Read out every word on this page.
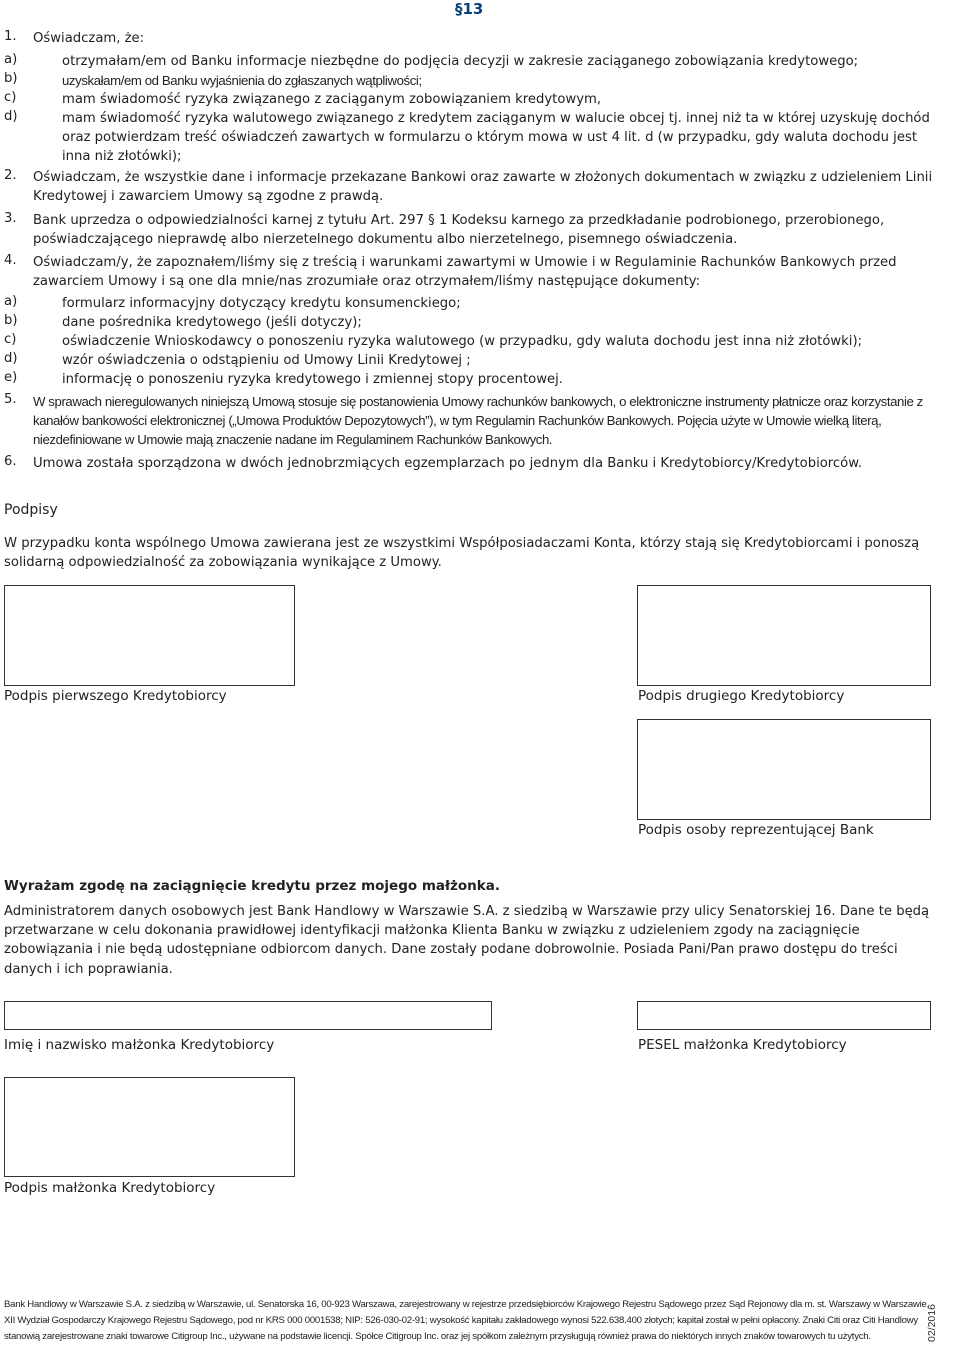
§13
1. Oświadczam, że:
a)	otrzymałam/em od Banku informacje niezbędne do podjęcia decyzji w zakresie zaciąganego zobowiązania kredytowego;
b)	uzyskałam/em od Banku wyjaśnienia do zgłaszanych wątpliwości;
c)	mam świadomość ryzyka związanego z zaciąganym zobowiązaniem kredytowym,
d)	mam świadomość ryzyka walutowego związanego z kredytem zaciąganym w walucie obcej tj. innej niż ta w której uzyskuję dochód oraz potwierdzam treść oświadczeń zawartych w formularzu o którym mowa w ust 4 lit. d (w przypadku, gdy waluta dochodu jest inna niż złotówki);
2. Oświadczam, że wszystkie dane i informacje przekazane Bankowi oraz zawarte w złożonych dokumentach w związku z udzieleniem Linii Kredytowej i zawarciem Umowy są zgodne z prawdą.
3. Bank uprzedza o odpowiedzialności karnej z tytułu Art. 297 § 1 Kodeksu karnego za przedkładanie podrobionego, przerobionego, poświadczającego nieprawdę albo nierzetelnego dokumentu albo nierzetelnego, pisemnego oświadczenia.
4. Oświadczam/y, że zapoznałem/liśmy się z treścią i warunkami zawartymi w Umowie i w Regulaminie Rachunków Bankowych przed zawarciem Umowy i są one dla mnie/nas zrozumiałe oraz otrzymałem/liśmy następujące dokumenty:
a)	formularz informacyjny dotyczący kredytu konsumenckiego;
b)	dane pośrednika kredytowego (jeśli dotyczy);
c)	oświadczenie Wnioskodawcy o ponoszeniu ryzyka walutowego (w przypadku, gdy waluta dochodu jest inna niż złotówki);
d)	wzór oświadczenia o odstąpieniu od Umowy Linii Kredytowej ;
e)	informację o ponoszeniu ryzyka kredytowego i zmiennej stopy procentowej.
5. W sprawach nieregulowanych niniejszą Umową stosuje się postanowienia Umowy rachunków bankowych, o elektroniczne instrumenty płatnicze oraz korzystanie z kanałów bankowości elektronicznej („Umowa Produktów Depozytowych”), w tym Regulamin Rachunków Bankowych. Pojęcia użyte w Umowie wielką literą, niezdefiniowane w Umowie mają znaczenie nadane im Regulaminem Rachunków Bankowych.
6. Umowa została sporządzona w dwóch jednobrzmiących egzemplarzach po jednym dla Banku i Kredytobiorcy/Kredytobiorców.
Podpisy
W przypadku konta wspólnego Umowa zawierana jest ze wszystkimi Współposiadaczami Konta, którzy stają się Kredytobiorcami i ponoszą solidarną odpowiedzialność za zobowiązania wynikające z Umowy.
Podpis pierwszego Kredytobiorcy	Podpis drugiego Kredytobiorcy
Podpis osoby reprezentującej Bank
Wyrażam zgodę na zaciągnięcie kredytu przez mojego małżonka.
Administratorem danych osobowych jest Bank Handlowy w Warszawie S.A. z siedzibą w Warszawie przy ulicy Senatorskiej 16. Dane te będą przetwarzane w celu dokonania prawidłowej identyfikacji małżonka Klienta Banku w związku z udzieleniem zgody na zaciągnięcie zobowiązania i nie będą udostępniane odbiorcom danych. Dane zostały podane dobrowolnie. Posiada Pani/Pan prawo dostępu do treści danych i ich poprawiania.
Imię i nazwisko małżonka Kredytobiorcy	PESEL małżonka Kredytobiorcy
Podpis małżonka Kredytobiorcy
Bank Handlowy w Warszawie S.A. z siedzibą w Warszawie, ul. Senatorska 16, 00-923 Warszawa, zarejestrowany w rejestrze przedsiębiorców Krajowego Rejestru Sądowego przez Sąd Rejonowy dla m. st. Warszawy w Warszawie,
XII Wydział Gospodarczy Krajowego Rejestru Sądowego, pod nr KRS 000 0001538; NIP: 526-030-02-91; wysokość kapitału zakładowego wynosi 522.638.400 złotych; kapitał został w pełni opłacony. Znaki Citi oraz Citi Handlowy
stanowią zarejestrowane znaki towarowe Citigroup Inc., używane na podstawie licencji. Spółce Citigroup Inc. oraz jej spółkom zależnym przysługują również prawa do niektórych innych znaków towarowych tu użytych.	02/2016
